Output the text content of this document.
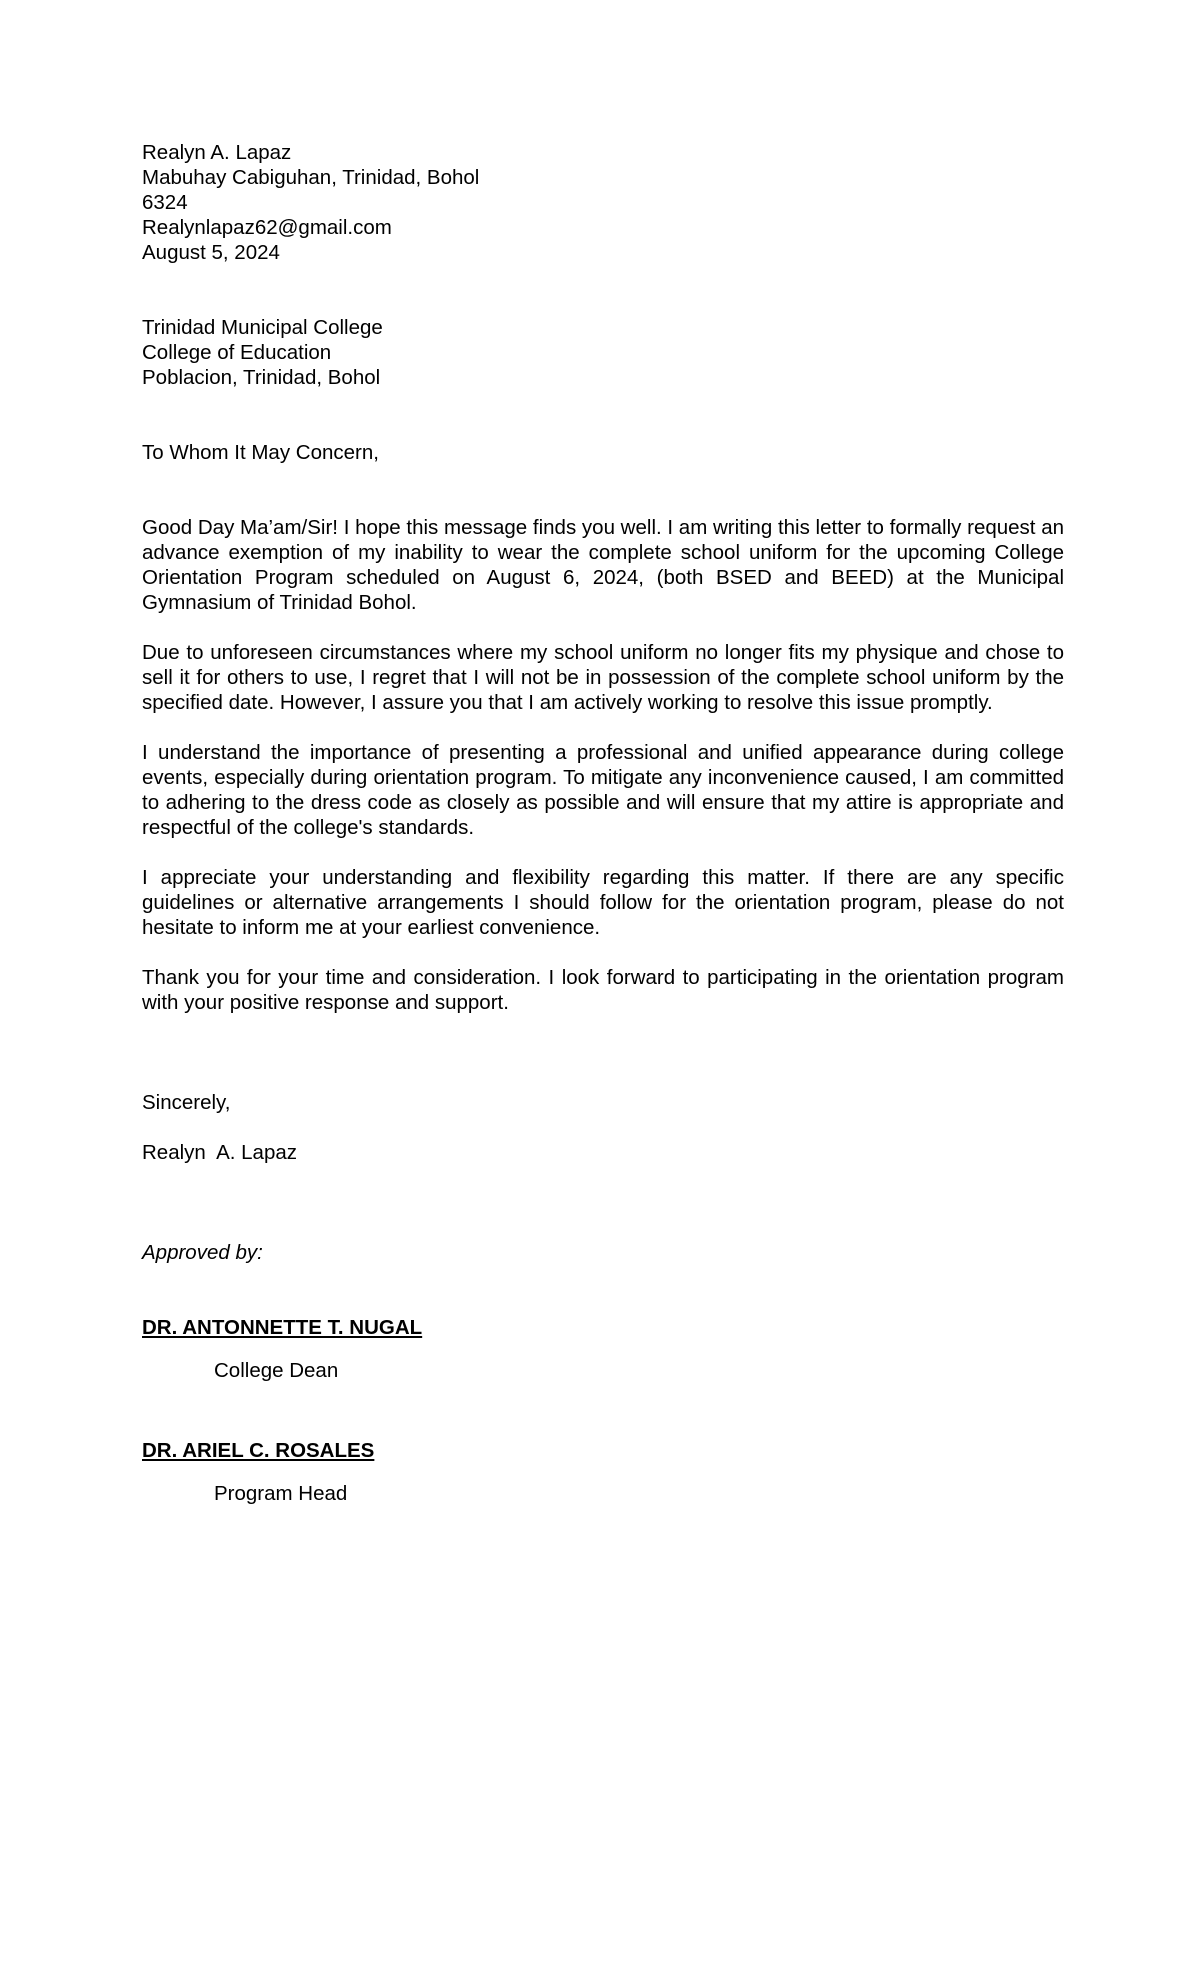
Realyn A. Lapaz
Mabuhay Cabiguhan, Trinidad, Bohol
6324
Realynlapaz62@gmail.com
August 5, 2024
Trinidad Municipal College
College of Education
Poblacion, Trinidad, Bohol
To Whom It May Concern,

Good Day Ma’am/Sir! I hope this message finds you well. I am writing this letter to formally request an advance exemption of my inability to wear the complete school uniform for the upcoming College Orientation Program scheduled on August 6, 2024, (both BSED and BEED) at the Municipal Gymnasium of Trinidad Bohol.

Due to unforeseen circumstances where my school uniform no longer fits my physique and chose to sell it for others to use, I regret that I will not be in possession of the complete school uniform by the specified date. However, I assure you that I am actively working to resolve this issue promptly.

I understand the importance of presenting a professional and unified appearance during college events, especially during orientation program. To mitigate any inconvenience caused, I am committed to adhering to the dress code as closely as possible and will ensure that my attire is appropriate and respectful of the college's standards.

I appreciate your understanding and flexibility regarding this matter. If there are any specific guidelines or alternative arrangements I should follow for the orientation program, please do not hesitate to inform me at your earliest convenience.

Thank you for your time and consideration. I look forward to participating in the orientation program with your positive response and support.

Sincerely,
Realyn  A. Lapaz
Approved by:
DR. ANTONNETTE T. NUGAL
College Dean
DR. ARIEL C. ROSALES
Program Head
